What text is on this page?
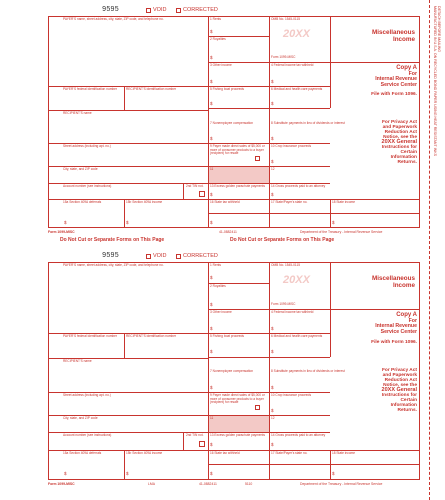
DETACH BEFORE MAILING
MANUFACTURED IN U.S.A. ON RECYCLED BOND PAPER USING HEAT RESISTANT INKS
9595	VOID	CORRECTED
PAYER'S name, street address, city, state, ZIP code, and telephone no.
PAYER'S federal identification number	RECIPIENT'S identification number
RECIPIENT'S name
Street address (including apt. no.)
City, state, and ZIP code
Account number (see instructions)	2nd TIN not.
15a Section 409A deferrals	15b Section 409A income
$	$
1 Rents
$
2 Royalties
$
OMB No. 1545-0115
20XX
Form 1099-MISC
3 Other income
$
4 Federal income tax withheld
$
5 Fishing boat proceeds
$
6 Medical and health care payments
$
7 Nonemployee compensation
$
8 Substitute payments in lieu of dividends or interest
$
9 Payer made direct sales of $5,000 or more of consumer products to a buyer (recipient) for resale
10 Crop insurance proceeds
$
11	12
13 Excess golden parachute payments
$
14 Gross proceeds paid to an attorney
$
16 State tax withheld
$
17 State/Payer's state no.	18 State income
$
Miscellaneous
Income
Copy A
For
Internal Revenue
Service Center
File with Form 1096.
For Privacy Act
and Paperwork
Reduction Act
Notice, see the
20XX General
Instructions for
Certain
Information
Returns.
Form 1099-MISC	41-0882411	Department of the Treasury - Internal Revenue Service
Do Not Cut or Separate Forms on This Page	Do Not Cut or Separate Forms on This Page
9595	VOID	CORRECTED
PAYER'S name, street address, city, state, ZIP code, and telephone no.
PAYER'S federal identification number	RECIPIENT'S identification number
RECIPIENT'S name
Street address (including apt. no.)
City, state, and ZIP code
Account number (see instructions)	2nd TIN not.
15a Section 409A deferrals	15b Section 409A income
$	$
1 Rents
$
2 Royalties
$
OMB No. 1545-0115
20XX
Form 1099-MISC
3 Other income
$
4 Federal income tax withheld
$
5 Fishing boat proceeds
$
6 Medical and health care payments
$
7 Nonemployee compensation
$
8 Substitute payments in lieu of dividends or interest
$
9 Payer made direct sales of $5,000 or more of consumer products to a buyer (recipient) for resale
10 Crop insurance proceeds
$
11	12
13 Excess golden parachute payments
$
14 Gross proceeds paid to an attorney
$
16 State tax withheld
$
17 State/Payer's state no.	18 State income
$
Miscellaneous
Income
Copy A
For
Internal Revenue
Service Center
File with Form 1096.
For Privacy Act
and Paperwork
Reduction Act
Notice, see the
20XX General
Instructions for
Certain
Information
Returns.
Form 1099-MISC	LMA	41-0882411	5110	Department of the Treasury - Internal Revenue Service
